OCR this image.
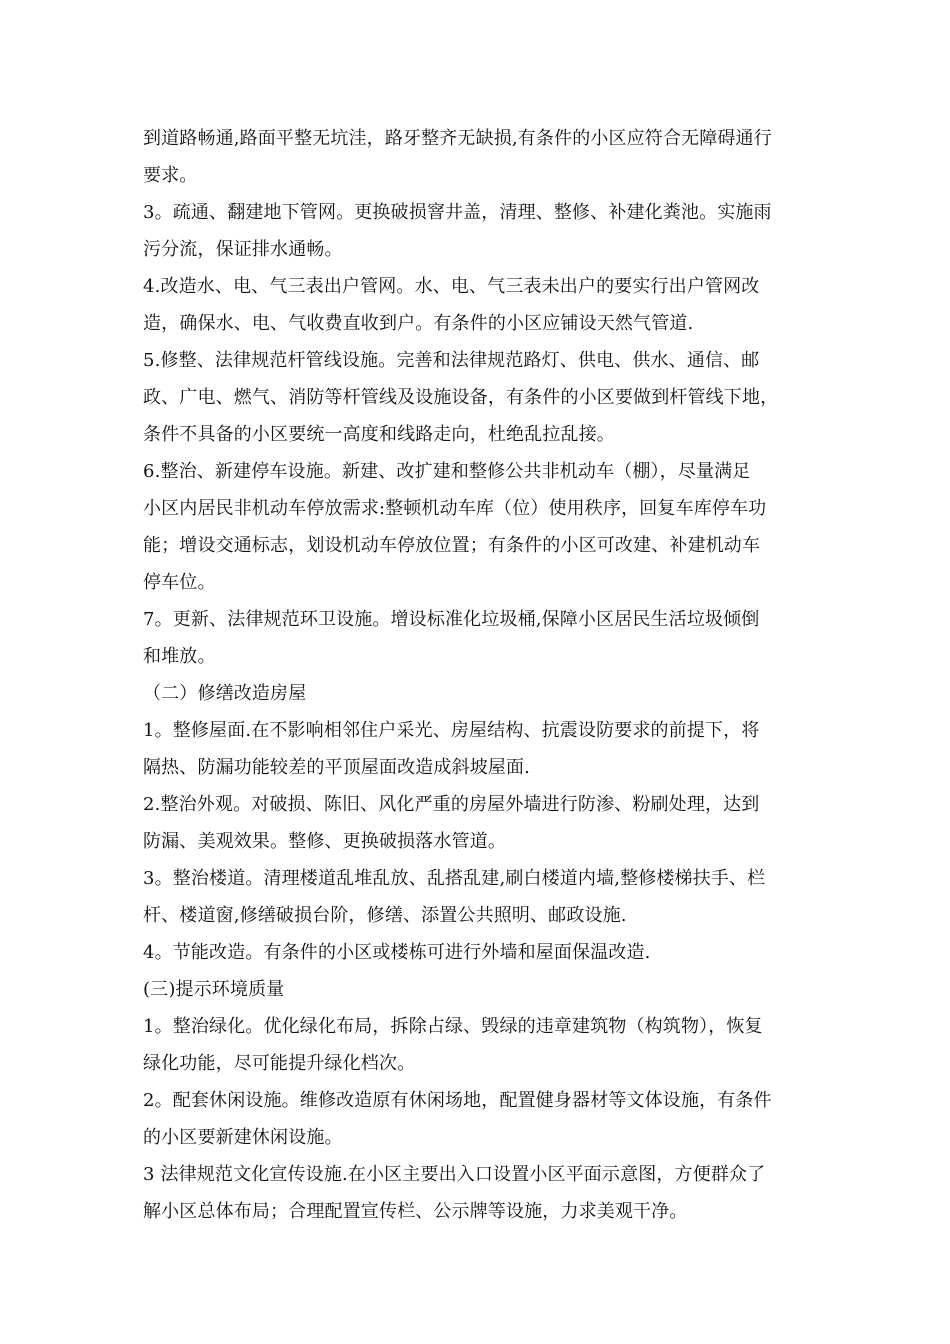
到道路畅通,路面平整无坑洼，路牙整齐无缺损,有条件的小区应符合无障碍通行
要求。
3。疏通、翻建地下管网。更换破损窨井盖，清理、整修、补建化粪池。实施雨
污分流，保证排水通畅。
4.改造水、电、气三表出户管网。水、电、气三表未出户的要实行出户管网改
造，确保水、电、气收费直收到户。有条件的小区应铺设天然气管道.
5.修整、法律规范杆管线设施。完善和法律规范路灯、供电、供水、通信、邮
政、广电、燃气、消防等杆管线及设施设备，有条件的小区要做到杆管线下地，
条件不具备的小区要统一高度和线路走向，杜绝乱拉乱接。
6.整治、新建停车设施。新建、改扩建和整修公共非机动车（棚），尽量满足
小区内居民非机动车停放需求:整顿机动车库（位）使用秩序，回复车库停车功
能；增设交通标志，划设机动车停放位置；有条件的小区可改建、补建机动车
停车位。
7。更新、法律规范环卫设施。增设标准化垃圾桶,保障小区居民生活垃圾倾倒
和堆放。
（二）修缮改造房屋
1。整修屋面.在不影响相邻住户采光、房屋结构、抗震设防要求的前提下，将
隔热、防漏功能较差的平顶屋面改造成斜坡屋面.
2.整治外观。对破损、陈旧、风化严重的房屋外墙进行防渗、粉刷处理，达到
防漏、美观效果。整修、更换破损落水管道。
3。整治楼道。清理楼道乱堆乱放、乱搭乱建,刷白楼道内墙,整修楼梯扶手、栏
杆、楼道窗,修缮破损台阶，修缮、添置公共照明、邮政设施.
4。节能改造。有条件的小区或楼栋可进行外墙和屋面保温改造.
(三)提示环境质量
1。整治绿化。优化绿化布局，拆除占绿、毁绿的违章建筑物（构筑物），恢复
绿化功能，尽可能提升绿化档次。
2。配套休闲设施。维修改造原有休闲场地，配置健身器材等文体设施，有条件
的小区要新建休闲设施。
3 法律规范文化宣传设施.在小区主要出入口设置小区平面示意图，方便群众了
解小区总体布局；合理配置宣传栏、公示牌等设施，力求美观干净。
